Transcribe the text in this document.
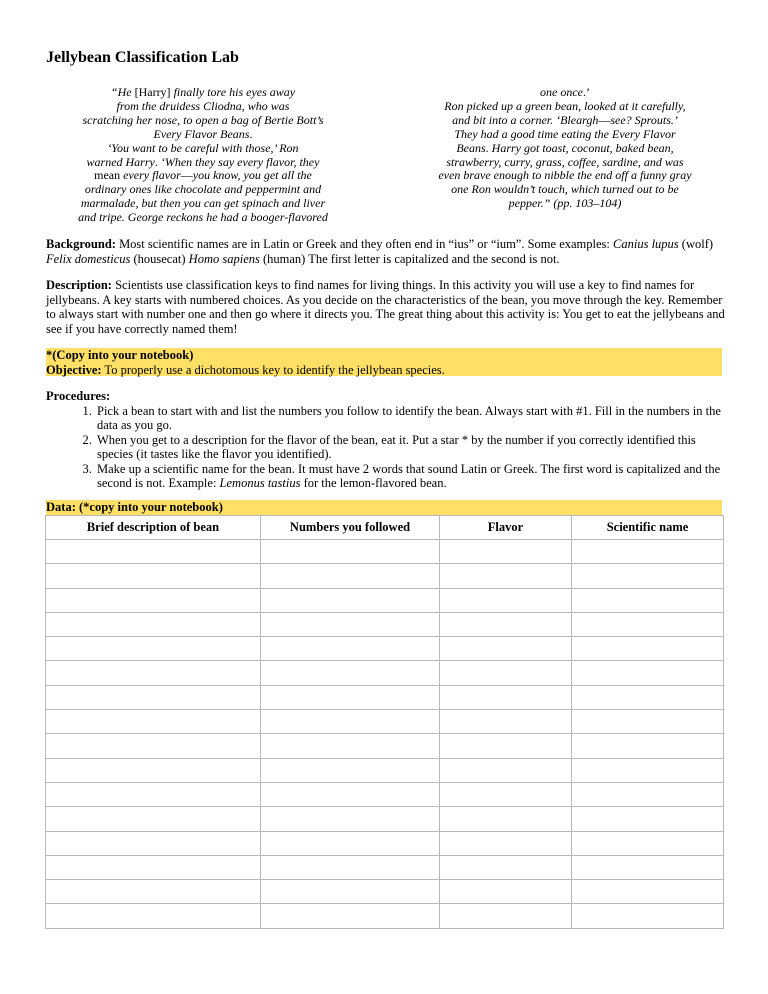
Jellybean Classification Lab
“He [Harry] finally tore his eyes away
from the druidess Cliodna, who was
scratching her nose, to open a bag of Bertie Bott’s
Every Flavor Beans.
‘You want to be careful with those,’ Ron
warned Harry. ‘When they say every flavor, they
mean every flavor—you know, you get all the
ordinary ones like chocolate and peppermint and
marmalade, but then you can get spinach and liver
and tripe. George reckons he had a booger-flavored
one once.’
Ron picked up a green bean, looked at it carefully,
and bit into a corner. ‘Bleargh—see? Sprouts.’
They had a good time eating the Every Flavor
Beans. Harry got toast, coconut, baked bean,
strawberry, curry, grass, coffee, sardine, and was
even brave enough to nibble the end off a funny gray
one Ron wouldn’t touch, which turned out to be
pepper.” (pp. 103–104)
Background: Most scientific names are in Latin or Greek and they often end in “ius” or “ium”. Some examples: Canius lupus (wolf) Felix domesticus (housecat) Homo sapiens (human) The first letter is capitalized and the second is not.
Description: Scientists use classification keys to find names for living things. In this activity you will use a key to find names for jellybeans. A key starts with numbered choices. As you decide on the characteristics of the bean, you move through the key. Remember to always start with number one and then go where it directs you. The great thing about this activity is: You get to eat the jellybeans and see if you have correctly named them!
*(Copy into your notebook)
Objective: To properly use a dichotomous key to identify the jellybean species.
Procedures:
1. Pick a bean to start with and list the numbers you follow to identify the bean. Always start with #1. Fill in the numbers in the data as you go.
2. When you get to a description for the flavor of the bean, eat it. Put a star * by the number if you correctly identified this species (it tastes like the flavor you identified).
3. Make up a scientific name for the bean. It must have 2 words that sound Latin or Greek. The first word is capitalized and the second is not. Example: Lemonus tastius for the lemon-flavored bean.
Data: (*copy into your notebook)
Brief description of bean	Numbers you followed	Flavor	Scientific name
